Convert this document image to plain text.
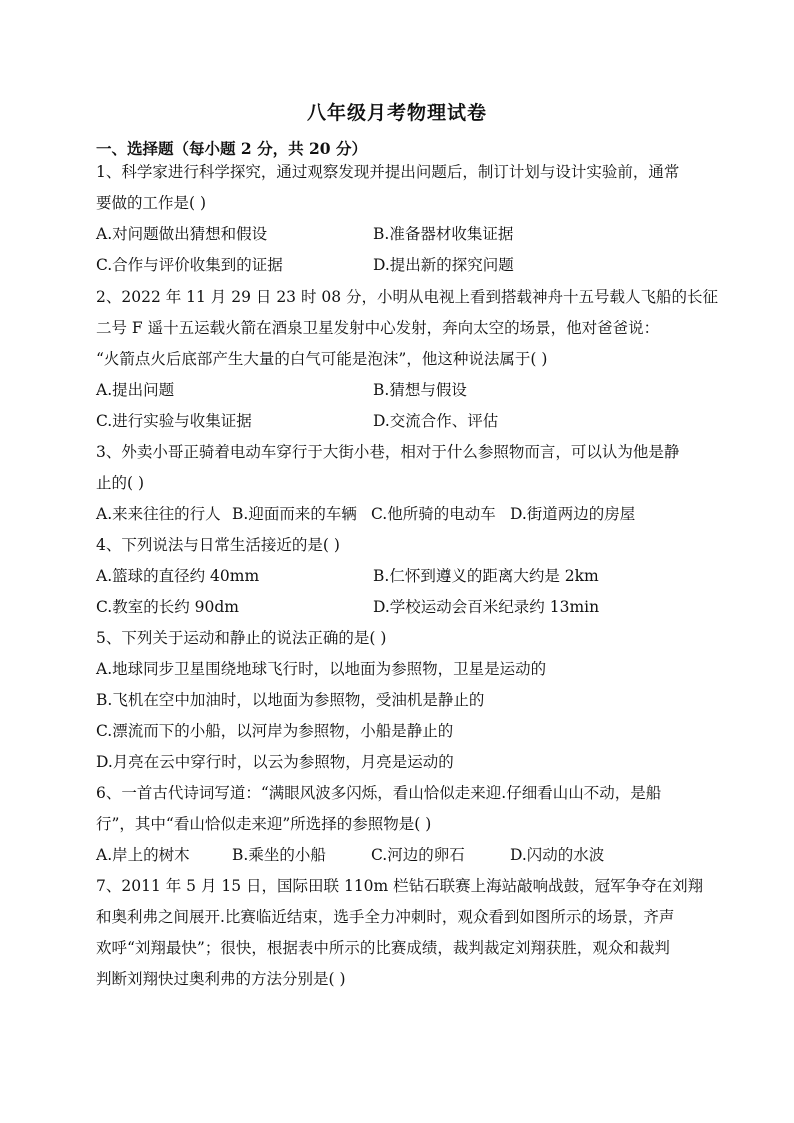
八年级月考物理试卷
一、选择题（每小题 2 分，共 20 分）
1、科学家进行科学探究，通过观察发现并提出问题后，制订计划与设计实验前，通常
要做的工作是( )
A.对问题做出猜想和假设	B.准备器材收集证据
C.合作与评价收集到的证据	D.提出新的探究问题
2、2022 年 11 月 29 日 23 时 08 分，小明从电视上看到搭载神舟十五号载人飞船的长征
二号 F 遥十五运载火箭在酒泉卫星发射中心发射，奔向太空的场景，他对爸爸说：
“火箭点火后底部产生大量的白气可能是泡沫”，他这种说法属于( )
A.提出问题	B.猜想与假设
C.进行实验与收集证据	D.交流合作、评估
3、外卖小哥正骑着电动车穿行于大街小巷，相对于什么参照物而言，可以认为他是静
止的( )
A.来来往往的行人 B.迎面而来的车辆 C.他所骑的电动车 D.街道两边的房屋
4、下列说法与日常生活接近的是( )
A.篮球的直径约 40mm	B.仁怀到遵义的距离大约是 2km
C.教室的长约 90dm	D.学校运动会百米纪录约 13min
5、下列关于运动和静止的说法正确的是( )
A.地球同步卫星围绕地球飞行时，以地面为参照物，卫星是运动的
B.飞机在空中加油时，以地面为参照物，受油机是静止的
C.漂流而下的小船，以河岸为参照物，小船是静止的
D.月亮在云中穿行时，以云为参照物，月亮是运动的
6、一首古代诗词写道：“满眼风波多闪烁，看山恰似走来迎.仔细看山山不动，是船
行”，其中“看山恰似走来迎”所选择的参照物是( )
A.岸上的树木	B.乘坐的小船	C.河边的卵石	D.闪动的水波
7、2011 年 5 月 15 日，国际田联 110m 栏钻石联赛上海站敲响战鼓，冠军争夺在刘翔
和奥利弗之间展开.比赛临近结束，选手全力冲刺时，观众看到如图所示的场景，齐声
欢呼“刘翔最快”；很快，根据表中所示的比赛成绩，裁判裁定刘翔获胜，观众和裁判
判断刘翔快过奥利弗的方法分别是( )
